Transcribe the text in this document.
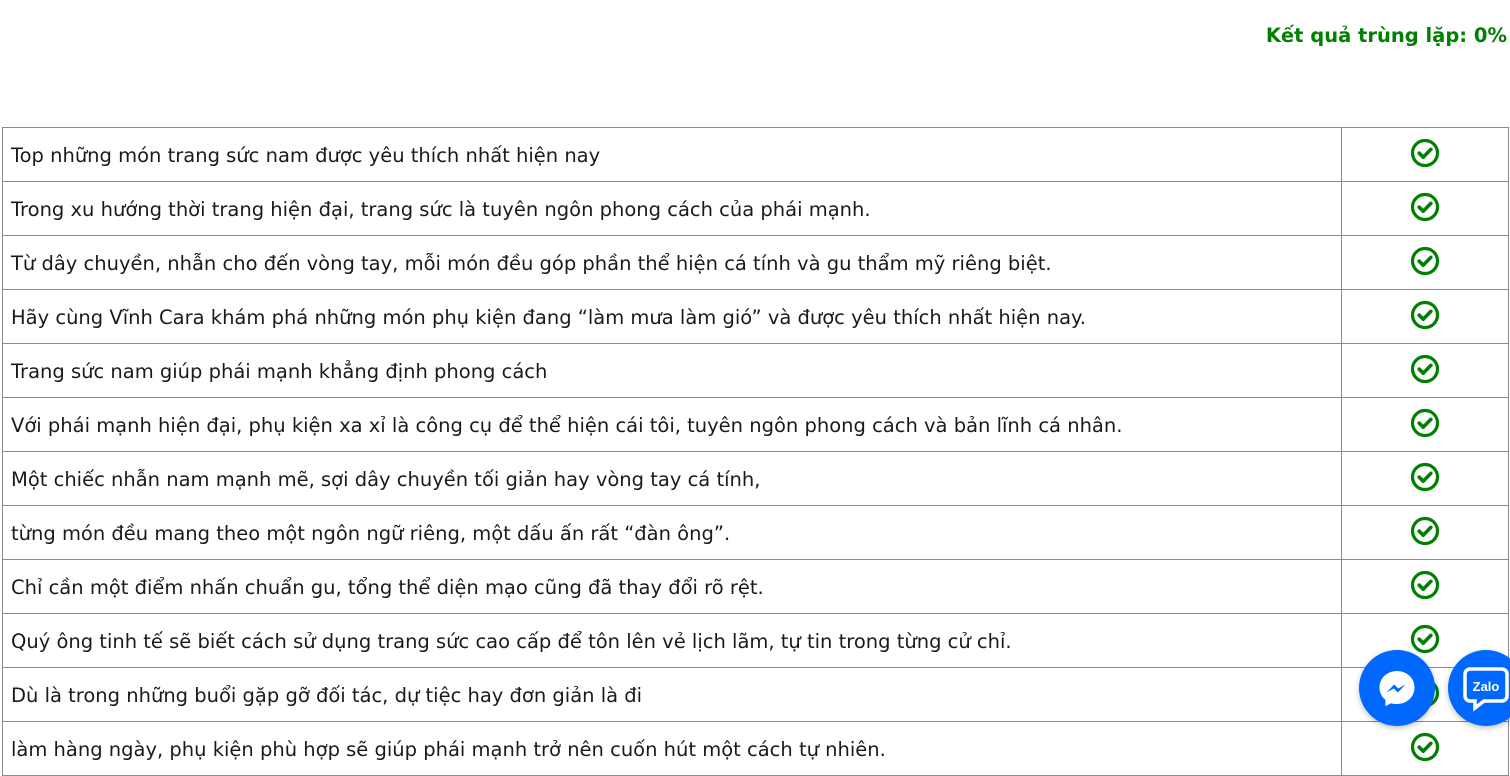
Kết quả trùng lặp: 0%
Top những món trang sức nam được yêu thích nhất hiện nay	
Trong xu hướng thời trang hiện đại, trang sức là tuyên ngôn phong cách của phái mạnh.	
Từ dây chuyền, nhẫn cho đến vòng tay, mỗi món đều góp phần thể hiện cá tính và gu thẩm mỹ riêng biệt.	
Hãy cùng Vĩnh Cara khám phá những món phụ kiện đang “làm mưa làm gió” và được yêu thích nhất hiện nay.	
Trang sức nam giúp phái mạnh khẳng định phong cách	
Với phái mạnh hiện đại, phụ kiện xa xỉ là công cụ để thể hiện cái tôi, tuyên ngôn phong cách và bản lĩnh cá nhân.	
Một chiếc nhẫn nam mạnh mẽ, sợi dây chuyền tối giản hay vòng tay cá tính,	
từng món đều mang theo một ngôn ngữ riêng, một dấu ấn rất “đàn ông”.	
Chỉ cần một điểm nhấn chuẩn gu, tổng thể diện mạo cũng đã thay đổi rõ rệt.	
Quý ông tinh tế sẽ biết cách sử dụng trang sức cao cấp để tôn lên vẻ lịch lãm, tự tin trong từng cử chỉ.	
Dù là trong những buổi gặp gỡ đối tác, dự tiệc hay đơn giản là đi	
làm hàng ngày, phụ kiện phù hợp sẽ giúp phái mạnh trở nên cuốn hút một cách tự nhiên.	
Zalo
